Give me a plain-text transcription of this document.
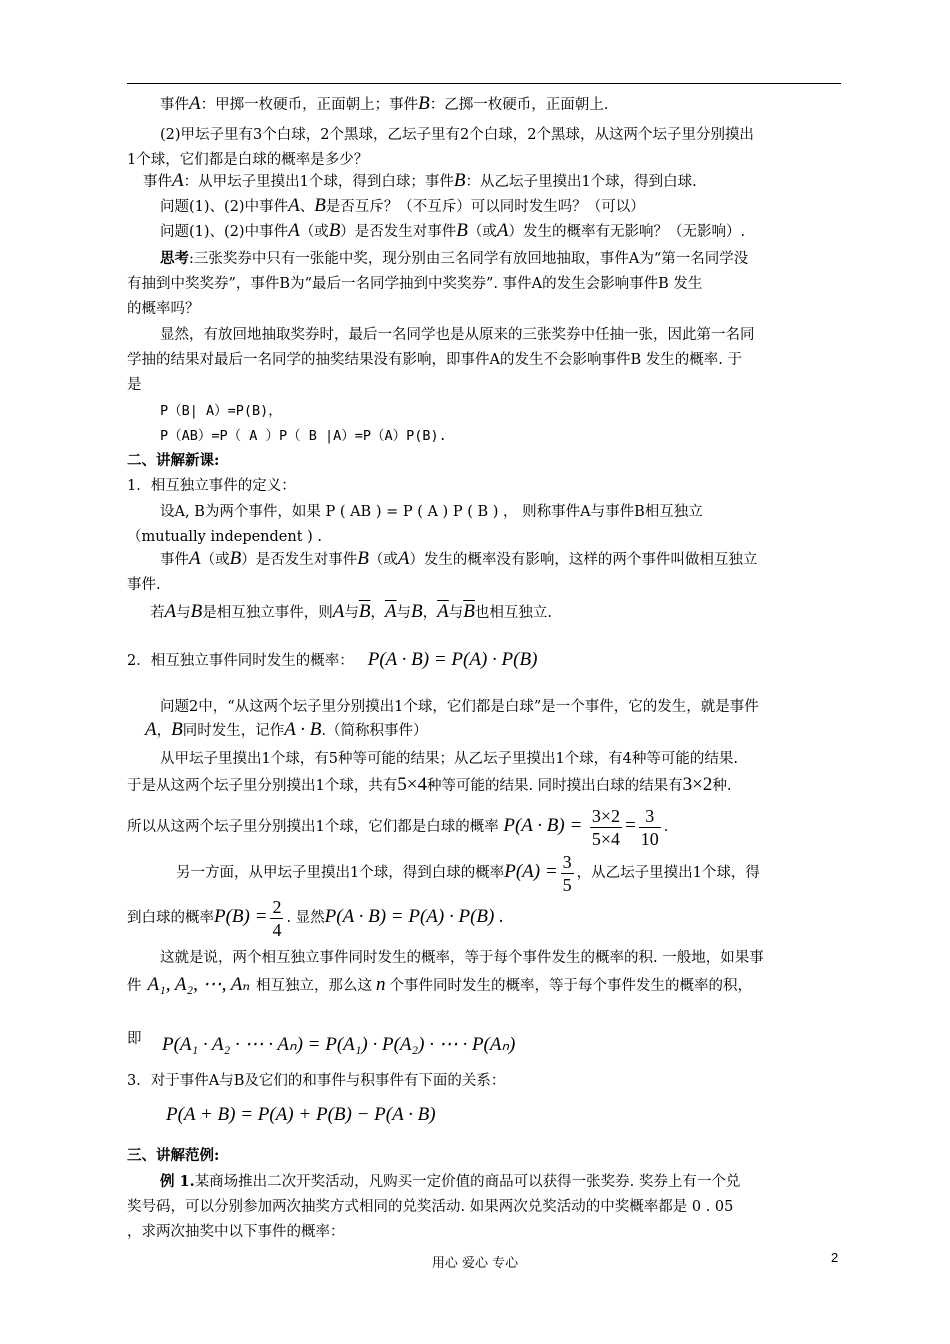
事件A：甲掷一枚硬币，正面朝上；事件B：乙掷一枚硬币，正面朝上.
(2)甲坛子里有3个白球，2个黑球，乙坛子里有2个白球，2个黑球，从这两个坛子里分别摸出
1个球，它们都是白球的概率是多少？
事件A：从甲坛子里摸出1个球，得到白球；事件B：从乙坛子里摸出1个球，得到白球.
问题(1)、(2)中事件A、B是否互斥？（不互斥）可以同时发生吗？（可以）
问题(1)、(2)中事件A（或B）是否发生对事件B（或A）发生的概率有无影响？（无影响）.
思考:三张奖券中只有一张能中奖，现分别由三名同学有放回地抽取，事件A为“第一名同学没
有抽到中奖奖券”，事件B为“最后一名同学抽到中奖奖券”. 事件A的发生会影响事件B 发生
的概率吗？
显然，有放回地抽取奖券时，最后一名同学也是从原来的三张奖券中任抽一张，因此第一名同
学抽的结果对最后一名同学的抽奖结果没有影响，即事件A的发生不会影响事件B 发生的概率. 于
是
P（B| A）=P(B)，
P（AB）=P（ A ）P（ B |A）=P（A）P(B).
二、讲解新课:
1．相互独立事件的定义：
设A, B为两个事件，如果 P ( AB ) = P ( A ) P ( B ) ， 则称事件A与事件B相互独立
（mutually independent ) .
事件A（或B）是否发生对事件B（或A）发生的概率没有影响，这样的两个事件叫做相互独立
事件.
若A与B是相互独立事件，则A与$\overline{B}$，$\overline{A}$与B，$\overline{A}$与$\overline{B}$也相互独立.
2．相互独立事件同时发生的概率： P(A · B) = P(A) · P(B)
问题2中，“从这两个坛子里分别摸出1个球，它们都是白球”是一个事件，它的发生，就是事件
A，B同时发生，记作A · B.（简称积事件）
从甲坛子里摸出1个球，有5种等可能的结果；从乙坛子里摸出1个球，有4种等可能的结果.
于是从这两个坛子里分别摸出1个球，共有5×4种等可能的结果. 同时摸出白球的结果有3×2种.
所以从这两个坛子里分别摸出1个球，它们都是白球的概率 $P(A \cdot B) = \frac{3\times 2}{5\times 4} = \frac{3}{10}$ .
另一方面，从甲坛子里摸出1个球，得到白球的概率$P(A) = \frac{3}{5}$ ，从乙坛子里摸出1个球，得
到白球的概率$P(B) = \frac{2}{4}$ . 显然P(A · B) = P(A) · P(B) .
这就是说，两个相互独立事件同时发生的概率，等于每个事件发生的概率的积. 一般地，如果事
件 A₁, A₂, ⋯, Aₙ 相互独立，那么这 n 个事件同时发生的概率，等于每个事件发生的概率的积，
即	P(A₁ · A₂ · ⋯ · Aₙ) = P(A₁) · P(A₂) · ⋯ · P(Aₙ)
3．对于事件A与B及它们的和事件与积事件有下面的关系：
P(A + B) = P(A) + P(B) − P(A · B)
三、讲解范例:
例 1.某商场推出二次开奖活动，凡购买一定价值的商品可以获得一张奖券. 奖券上有一个兑
奖号码，可以分别参加两次抽奖方式相同的兑奖活动. 如果两次兑奖活动的中奖概率都是 0 . 05
，求两次抽奖中以下事件的概率：
用心 爱心 专心	2
